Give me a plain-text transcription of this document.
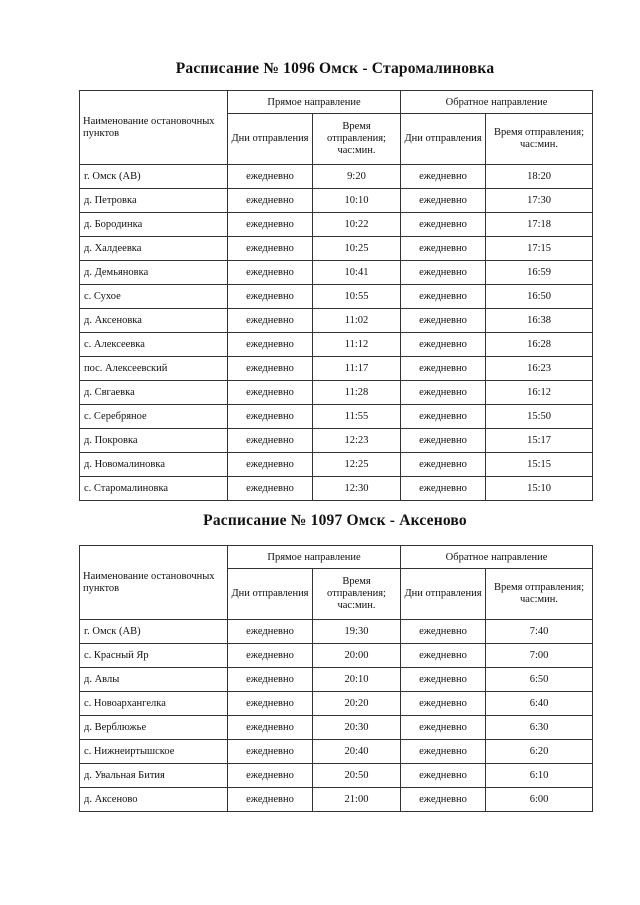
Расписание № 1096 Омск - Старомалиновка
Наименование остановочных пунктов	Прямое направление		Обратное направление	
	Дни отправления	Время отправления; час:мин.	Дни отправления	Время отправления; час:мин.
г. Омск (АВ)	ежедневно	9:20	ежедневно	18:20
д. Петровка	ежедневно	10:10	ежедневно	17:30
д. Бородинка	ежедневно	10:22	ежедневно	17:18
д. Халдеевка	ежедневно	10:25	ежедневно	17:15
д. Демьяновка	ежедневно	10:41	ежедневно	16:59
с. Сухое	ежедневно	10:55	ежедневно	16:50
д. Аксеновка	ежедневно	11:02	ежедневно	16:38
с. Алексеевка	ежедневно	11:12	ежедневно	16:28
пос. Алексеевский	ежедневно	11:17	ежедневно	16:23
д. Свгаевка	ежедневно	11:28	ежедневно	16:12
с. Серебряное	ежедневно	11:55	ежедневно	15:50
д. Покровка	ежедневно	12:23	ежедневно	15:17
д. Новомалиновка	ежедневно	12:25	ежедневно	15:15
с. Старомалиновка	ежедневно	12:30	ежедневно	15:10
Расписание № 1097 Омск - Аксеново
Наименование остановочных пунктов	Прямое направление		Обратное направление	
	Дни отправления	Время отправления; час:мин.	Дни отправления	Время отправления; час:мин.
г. Омск (АВ)	ежедневно	19:30	ежедневно	7:40
с. Красный Яр	ежедневно	20:00	ежедневно	7:00
д. Авлы	ежедневно	20:10	ежедневно	6:50
с. Новоархангелка	ежедневно	20:20	ежедневно	6:40
д. Верблюжье	ежедневно	20:30	ежедневно	6:30
с. Нижнеиртышское	ежедневно	20:40	ежедневно	6:20
д. Увальная Бития	ежедневно	20:50	ежедневно	6:10
д. Аксеново	ежедневно	21:00	ежедневно	6:00
